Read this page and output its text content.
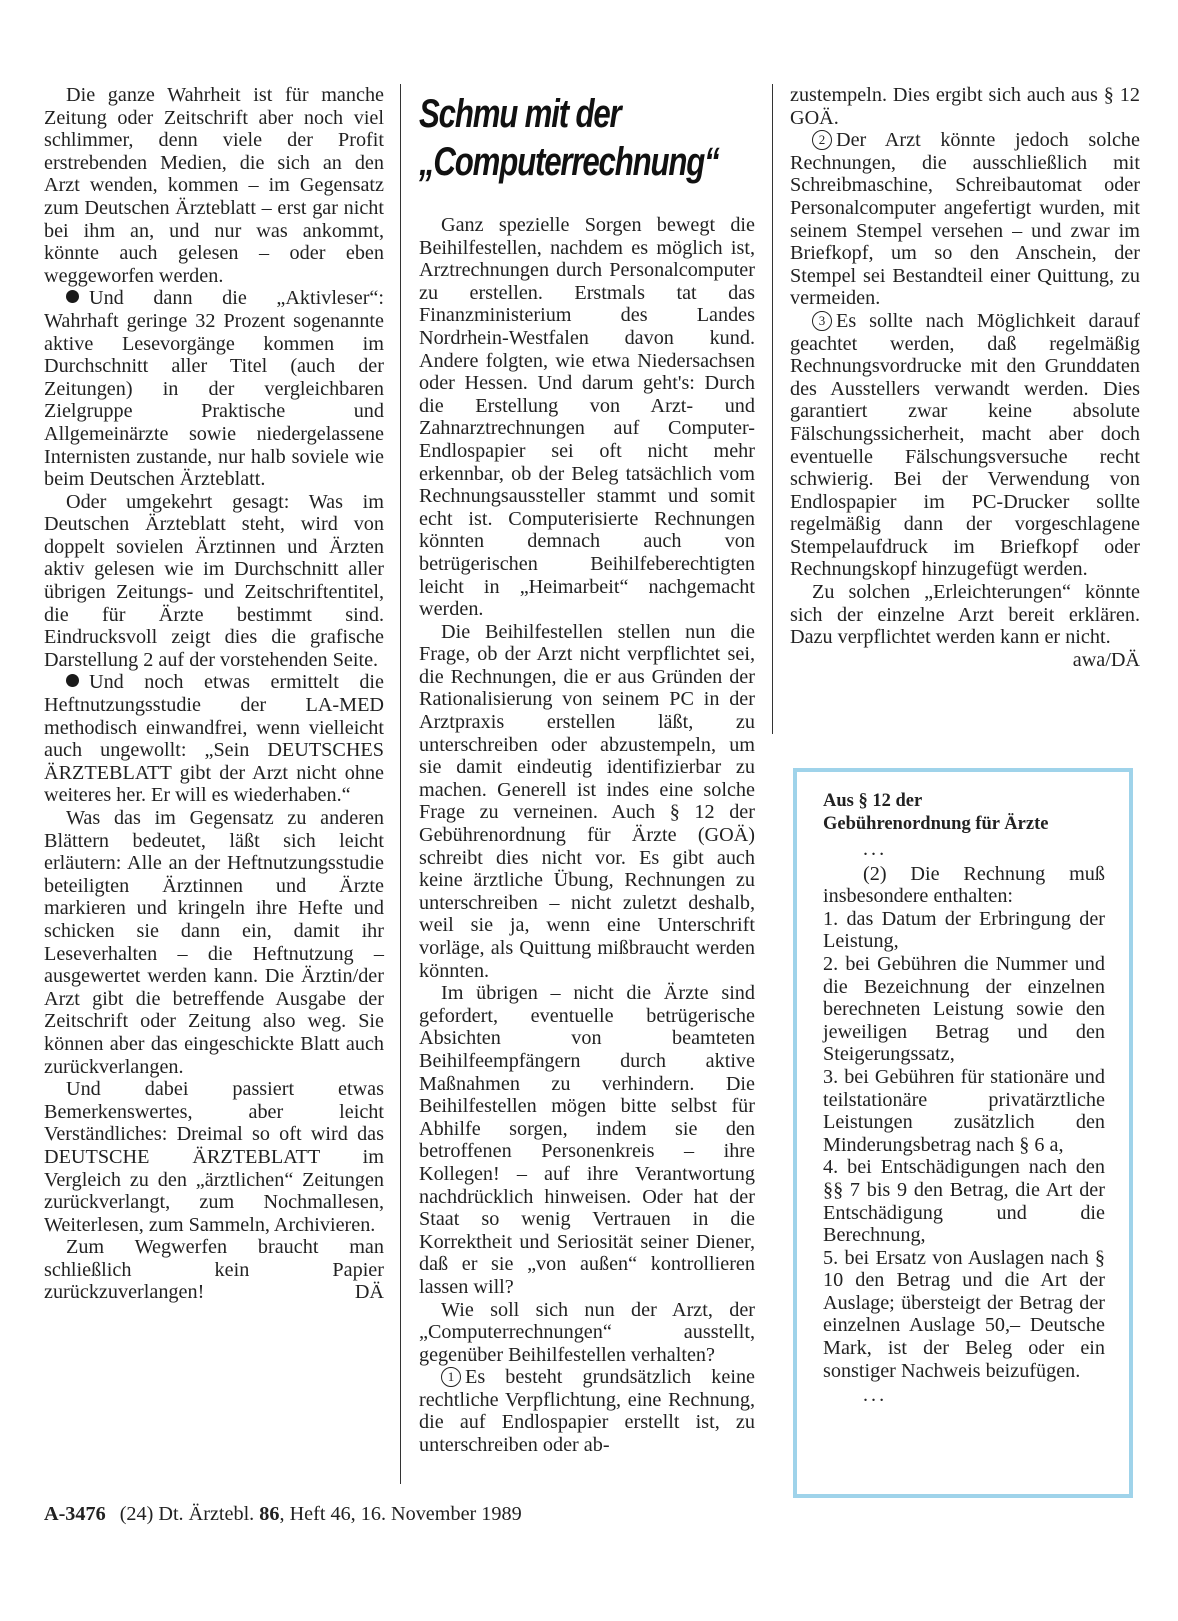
Die ganze Wahrheit ist für manche Zeitung oder Zeitschrift aber noch viel schlimmer, denn viele der Profit erstrebenden Medien, die sich an den Arzt wenden, kommen – im Gegensatz zum Deutschen Ärzteblatt – erst gar nicht bei ihm an, und nur was ankommt, könnte auch gelesen – oder eben weggeworfen werden.

Und dann die „Aktivleser“: Wahrhaft geringe 32 Prozent sogenannte aktive Lesevorgänge kommen im Durchschnitt aller Titel (auch der Zeitungen) in der vergleichbaren Zielgruppe Praktische und Allgemeinärzte sowie niedergelassene Internisten zustande, nur halb soviele wie beim Deutschen Ärzteblatt.

Oder umgekehrt gesagt: Was im Deutschen Ärzteblatt steht, wird von doppelt sovielen Ärztinnen und Ärzten aktiv gelesen wie im Durchschnitt aller übrigen Zeitungs- und Zeitschriftentitel, die für Ärzte bestimmt sind. Eindrucksvoll zeigt dies die grafische Darstellung 2 auf der vorstehenden Seite.

Und noch etwas ermittelt die Heftnutzungsstudie der LA-MED methodisch einwandfrei, wenn vielleicht auch ungewollt: „Sein DEUTSCHES ÄRZTEBLATT gibt der Arzt nicht ohne weiteres her. Er will es wiederhaben.“

Was das im Gegensatz zu anderen Blättern bedeutet, läßt sich leicht erläutern: Alle an der Heftnutzungsstudie beteiligten Ärztinnen und Ärzte markieren und kringeln ihre Hefte und schicken sie dann ein, damit ihr Leseverhalten – die Heftnutzung – ausgewertet werden kann. Die Ärztin/der Arzt gibt die betreffende Ausgabe der Zeitschrift oder Zeitung also weg. Sie können aber das eingeschickte Blatt auch zurückverlangen.

Und dabei passiert etwas Bemerkenswertes, aber leicht Verständliches: Dreimal so oft wird das DEUTSCHE ÄRZTEBLATT im Vergleich zu den „ärztlichen“ Zeitungen zurückverlangt, zum Nochmallesen, Weiterlesen, zum Sammeln, Archivieren.

Zum Wegwerfen braucht man schließlich kein Papier zurückzuverlangen!	DÄ

Schmu mit der
„Computerrechnung“

Ganz spezielle Sorgen bewegt die Beihilfestellen, nachdem es möglich ist, Arztrechnungen durch Personalcomputer zu erstellen. Erstmals tat das Finanzministerium des Landes Nordrhein-Westfalen davon kund. Andere folgten, wie etwa Niedersachsen oder Hessen. Und darum geht's: Durch die Erstellung von Arzt- und Zahnarztrechnungen auf Computer-Endlospapier sei oft nicht mehr erkennbar, ob der Beleg tatsächlich vom Rechnungsaussteller stammt und somit echt ist. Computerisierte Rechnungen könnten demnach auch von betrügerischen Beihilfeberechtigten leicht in „Heimarbeit“ nachgemacht werden.

Die Beihilfestellen stellen nun die Frage, ob der Arzt nicht verpflichtet sei, die Rechnungen, die er aus Gründen der Rationalisierung von seinem PC in der Arztpraxis erstellen läßt, zu unterschreiben oder abzustempeln, um sie damit eindeutig identifizierbar zu machen. Generell ist indes eine solche Frage zu verneinen. Auch § 12 der Gebührenordnung für Ärzte (GOÄ) schreibt dies nicht vor. Es gibt auch keine ärztliche Übung, Rechnungen zu unterschreiben – nicht zuletzt deshalb, weil sie ja, wenn eine Unterschrift vorläge, als Quittung mißbraucht werden könnten.

Im übrigen – nicht die Ärzte sind gefordert, eventuelle betrügerische Absichten von beamteten Beihilfeempfängern durch aktive Maßnahmen zu verhindern. Die Beihilfestellen mögen bitte selbst für Abhilfe sorgen, indem sie den betroffenen Personenkreis – ihre Kollegen! – auf ihre Verantwortung nachdrücklich hinweisen. Oder hat der Staat so wenig Vertrauen in die Korrektheit und Seriosität seiner Diener, daß er sie „von außen“ kontrollieren lassen will?

Wie soll sich nun der Arzt, der „Computerrechnungen“ ausstellt, gegenüber Beihilfestellen verhalten?

1 Es besteht grundsätzlich keine rechtliche Verpflichtung, eine Rechnung, die auf Endlospapier erstellt ist, zu unterschreiben oder ab-

zustempeln. Dies ergibt sich auch aus § 12 GOÄ.

2 Der Arzt könnte jedoch solche Rechnungen, die ausschließlich mit Schreibmaschine, Schreibautomat oder Personalcomputer angefertigt wurden, mit seinem Stempel versehen – und zwar im Briefkopf, um so den Anschein, der Stempel sei Bestandteil einer Quittung, zu vermeiden.

3 Es sollte nach Möglichkeit darauf geachtet werden, daß regelmäßig Rechnungsvordrucke mit den Grunddaten des Ausstellers verwandt werden. Dies garantiert zwar keine absolute Fälschungssicherheit, macht aber doch eventuelle Fälschungsversuche recht schwierig. Bei der Verwendung von Endlospapier im PC-Drucker sollte regelmäßig dann der vorgeschlagene Stempelaufdruck im Briefkopf oder Rechnungskopf hinzugefügt werden.

Zu solchen „Erleichterungen“ könnte sich der einzelne Arzt bereit erklären. Dazu verpflichtet werden kann er nicht.
awa/DÄ

Aus § 12 der
Gebührenordnung für Ärzte

...

(2) Die Rechnung muß insbesondere enthalten:

1. das Datum der Erbringung der Leistung,

2. bei Gebühren die Nummer und die Bezeichnung der einzelnen berechneten Leistung sowie den jeweiligen Betrag und den Steigerungssatz,

3. bei Gebühren für stationäre und teilstationäre privatärztliche Leistungen zusätzlich den Minderungsbetrag nach § 6 a,

4. bei Entschädigungen nach den §§ 7 bis 9 den Betrag, die Art der Entschädigung und die Berechnung,

5. bei Ersatz von Auslagen nach § 10 den Betrag und die Art der Auslage; übersteigt der Betrag der einzelnen Auslage 50,– Deutsche Mark, ist der Beleg oder ein sonstiger Nachweis beizufügen.

...

A-3476 (24) Dt. Ärztebl. 86, Heft 46, 16. November 1989
